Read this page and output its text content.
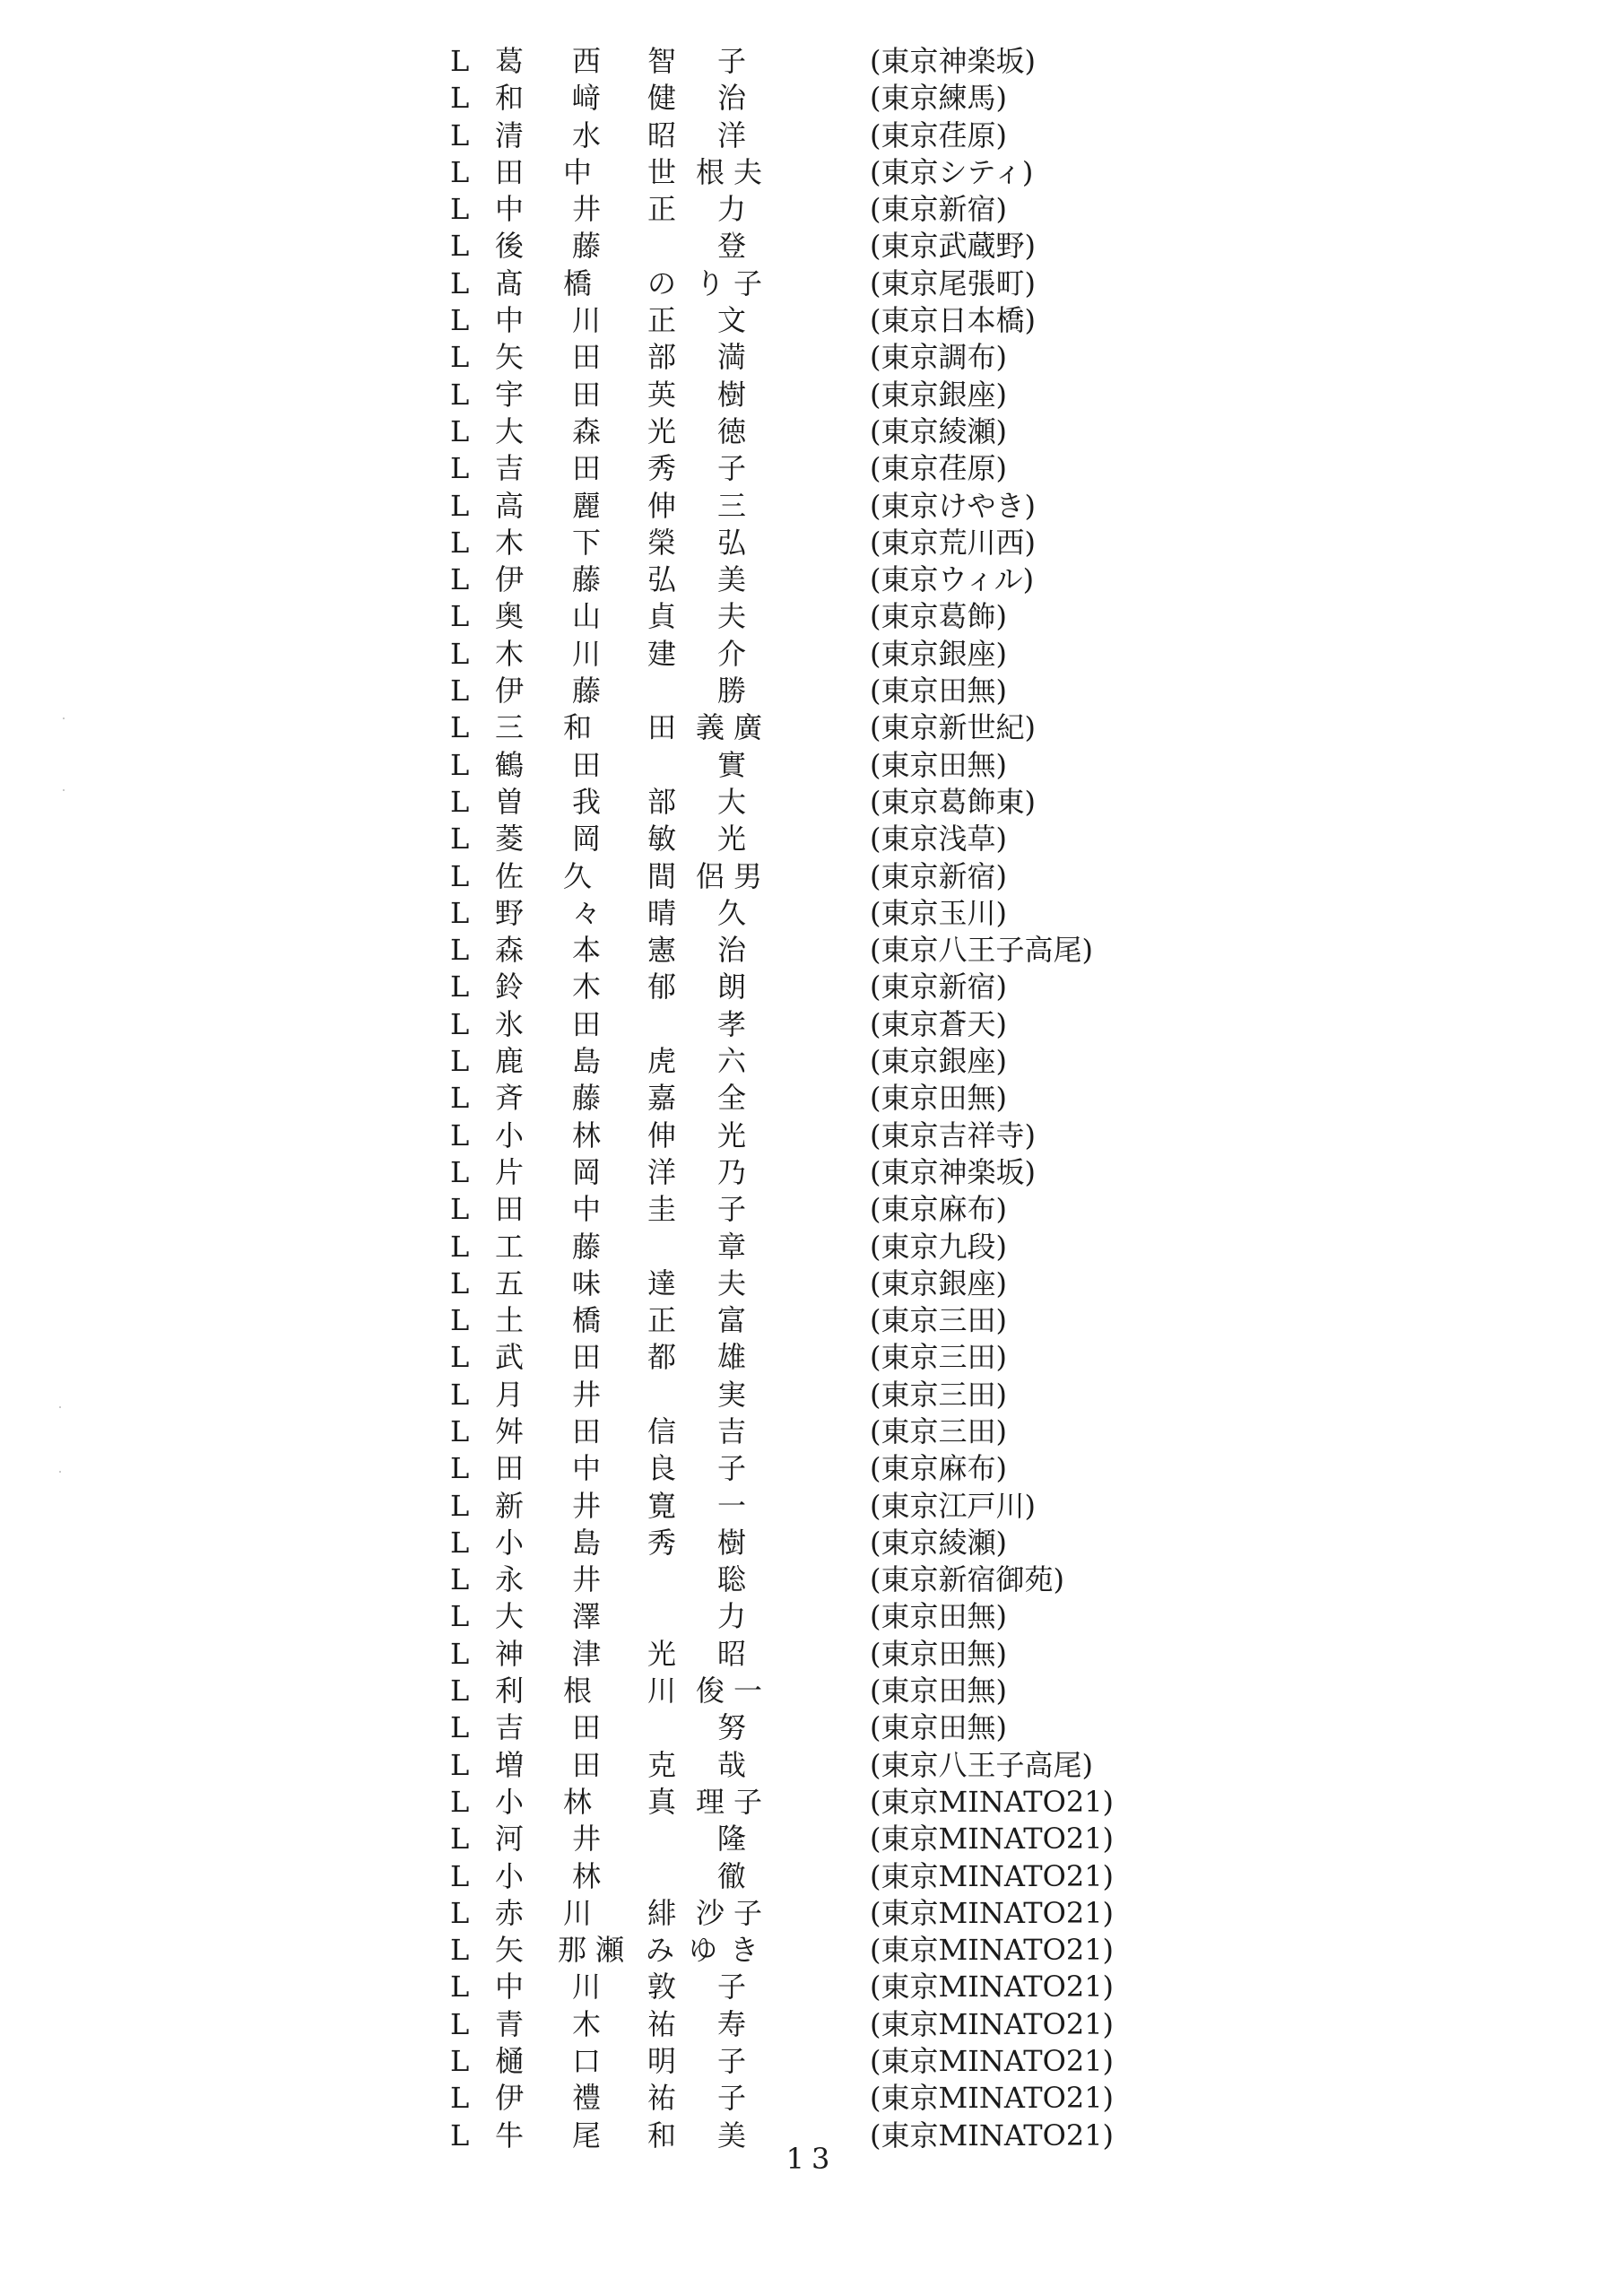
L 葛 西 智 子	(東京神楽坂)
L 和 﨑 健 治	(東京練馬)
L 清 水 昭 洋	(東京荏原)
L 田 中 世 根 夫	(東京シティ)
L 中 井 正 力	(東京新宿)
L 後 藤	登	(東京武蔵野)
L 髙 橋 の り 子	(東京尾張町)
L 中 川 正 文	(東京日本橋)
L 矢 田 部 満	(東京調布)
L 宇 田 英 樹	(東京銀座)
L 大 森 光 徳	(東京綾瀬)
L 吉 田 秀 子	(東京荏原)
L 高 麗 伸 三	(東京けやき)
L 木 下 榮 弘	(東京荒川西)
L 伊 藤 弘 美	(東京ウィル)
L 奥 山 貞 夫	(東京葛飾)
L 木 川 建 介	(東京銀座)
L 伊 藤	勝	(東京田無)
L 三 和 田 義 廣	(東京新世紀)
L 鶴 田	實	(東京田無)
L 曽 我 部 大	(東京葛飾東)
L 菱 岡 敏 光	(東京浅草)
L 佐 久 間 侶 男	(東京新宿)
L 野 々 晴 久	(東京玉川)
L 森 本 憲 治	(東京八王子高尾)
L 鈴 木 郁 朗	(東京新宿)
L 氷 田	孝	(東京蒼天)
L 鹿 島 虎 六	(東京銀座)
L 斉 藤 嘉 全	(東京田無)
L 小 林 伸 光	(東京吉祥寺)
L 片 岡 洋 乃	(東京神楽坂)
L 田 中 圭 子	(東京麻布)
L 工 藤	章	(東京九段)
L 五 味 達 夫	(東京銀座)
L 土 橋 正 富	(東京三田)
L 武 田 都 雄	(東京三田)
L 月 井	実	(東京三田)
L 舛 田 信 吉	(東京三田)
L 田 中 良 子	(東京麻布)
L 新 井 寛 一	(東京江戸川)
L 小 島 秀 樹	(東京綾瀬)
L 永 井	聡	(東京新宿御苑)
L 大 澤	力	(東京田無)
L 神 津 光 昭	(東京田無)
L 利 根 川 俊 一	(東京田無)
L 吉 田	努	(東京田無)
L 増 田 克 哉	(東京八王子高尾)
L 小 林 真 理 子	(東京MINATO21)
L 河 井	隆	(東京MINATO21)
L 小 林	徹	(東京MINATO21)
L 赤 川 緋 沙 子	(東京MINATO21)
L 矢 那 瀬 み ゆ き	(東京MINATO21)
L 中 川 敦 子	(東京MINATO21)
L 青 木 祐 寿	(東京MINATO21)
L 樋 口 明 子	(東京MINATO21)
L 伊 禮 祐 子	(東京MINATO21)
L 牛 尾 和 美	(東京MINATO21)
13
